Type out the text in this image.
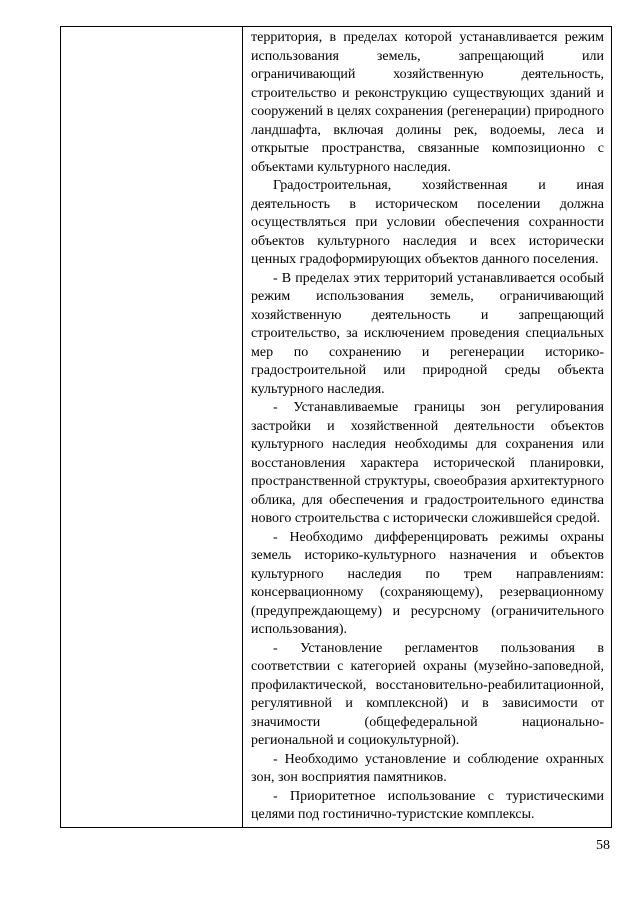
территория, в пределах которой устанавливается режим использования земель, запрещающий или ограничивающий хозяйственную деятельность, строительство и реконструкцию существующих зданий и сооружений в целях сохранения (регенерации) природного ландшафта, включая долины рек, водоемы, леса и открытые пространства, связанные композиционно с объектами культурного наследия.

Градостроительная, хозяйственная и иная деятельность в историческом поселении должна осуществляться при условии обеспечения сохранности объектов культурного наследия и всех исторически ценных градоформирующих объектов данного поселения.

- В пределах этих территорий устанавливается особый режим использования земель, ограничивающий хозяйственную деятельность и запрещающий строительство, за исключением проведения специальных мер по сохранению и регенерации историко-градостроительной или природной среды объекта культурного наследия.

- Устанавливаемые границы зон регулирования застройки и хозяйственной деятельности объектов культурного наследия необходимы для сохранения или восстановления характера исторической планировки, пространственной структуры, своеобразия архитектурного облика, для обеспечения и градостроительного единства нового строительства с исторически сложившейся средой.

- Необходимо дифференцировать режимы охраны земель историко-культурного назначения и объектов культурного наследия по трем направлениям: консервационному (сохраняющему), резервационному (предупреждающему) и ресурсному (ограничительного использования).

- Установление регламентов пользования в соответствии с категорией охраны (музейно-заповедной, профилактической, восстановительно-реабилитационной, регулятивной и комплексной) и в зависимости от значимости (общефедеральной национально-региональной и социокультурной).

- Необходимо установление и соблюдение охранных зон, зон восприятия памятников.

- Приоритетное использование с туристическими целями под гостинично-туристские комплексы.

58
